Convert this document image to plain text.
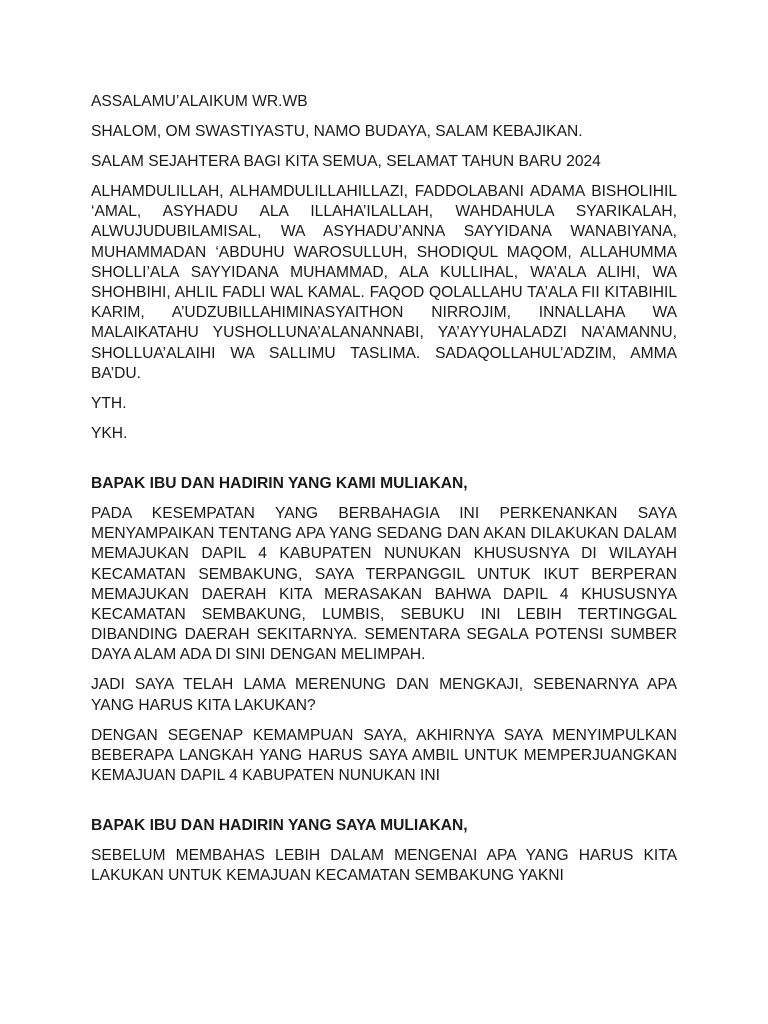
ASSALAMU’ALAIKUM WR.WB

SHALOM, OM SWASTIYASTU, NAMO BUDAYA, SALAM KEBAJIKAN.

SALAM SEJAHTERA BAGI KITA SEMUA, SELAMAT TAHUN BARU 2024

ALHAMDULILLAH, ALHAMDULILLAHILLAZI, FADDOLABANI ADAMA BISHOLIHIL ‘AMAL, ASYHADU ALA ILLAHA’ILALLAH, WAHDAHULA SYARIKALAH, ALWUJUDUBILAMISAL, WA ASYHADU’ANNA SAYYIDANA WANABIYANA, MUHAMMADAN ‘ABDUHU WAROSULLUH, SHODIQUL MAQOM, ALLAHUMMA SHOLLI’ALA SAYYIDANA MUHAMMAD, ALA KULLIHAL, WA’ALA ALIHI, WA SHOHBIHI, AHLIL FADLI WAL KAMAL. FAQOD QOLALLAHU TA’ALA FII KITABIHIL KARIM, A’UDZUBILLAHIMINASYAITHON NIRROJIM, INNALLAHA WA MALAIKATAHU YUSHOLLUNA’ALANANNABI, YA’AYYUHALADZI NA’AMANNU, SHOLLUA’ALAIHI WA SALLIMU TASLIMA. SADAQOLLAHUL’ADZIM, AMMA BA’DU.

YTH.

YKH.

BAPAK IBU DAN HADIRIN YANG KAMI MULIAKAN,

PADA KESEMPATAN YANG BERBAHAGIA INI PERKENANKAN SAYA MENYAMPAIKAN TENTANG APA YANG SEDANG DAN AKAN DILAKUKAN DALAM MEMAJUKAN DAPIL 4 KABUPATEN NUNUKAN KHUSUSNYA DI WILAYAH KECAMATAN SEMBAKUNG, SAYA TERPANGGIL UNTUK IKUT BERPERAN MEMAJUKAN DAERAH KITA MERASAKAN BAHWA DAPIL 4 KHUSUSNYA KECAMATAN SEMBAKUNG, LUMBIS, SEBUKU INI LEBIH TERTINGGAL DIBANDING DAERAH SEKITARNYA. SEMENTARA SEGALA POTENSI SUMBER DAYA ALAM ADA DI SINI DENGAN MELIMPAH.

JADI SAYA TELAH LAMA MERENUNG DAN MENGKAJI, SEBENARNYA APA YANG HARUS KITA LAKUKAN?

DENGAN SEGENAP KEMAMPUAN SAYA, AKHIRNYA SAYA MENYIMPULKAN BEBERAPA LANGKAH YANG HARUS SAYA AMBIL UNTUK MEMPERJUANGKAN KEMAJUAN DAPIL 4 KABUPATEN NUNUKAN INI

BAPAK IBU DAN HADIRIN YANG SAYA MULIAKAN,

SEBELUM MEMBAHAS LEBIH DALAM MENGENAI APA YANG HARUS KITA LAKUKAN UNTUK KEMAJUAN KECAMATAN SEMBAKUNG YAKNI
